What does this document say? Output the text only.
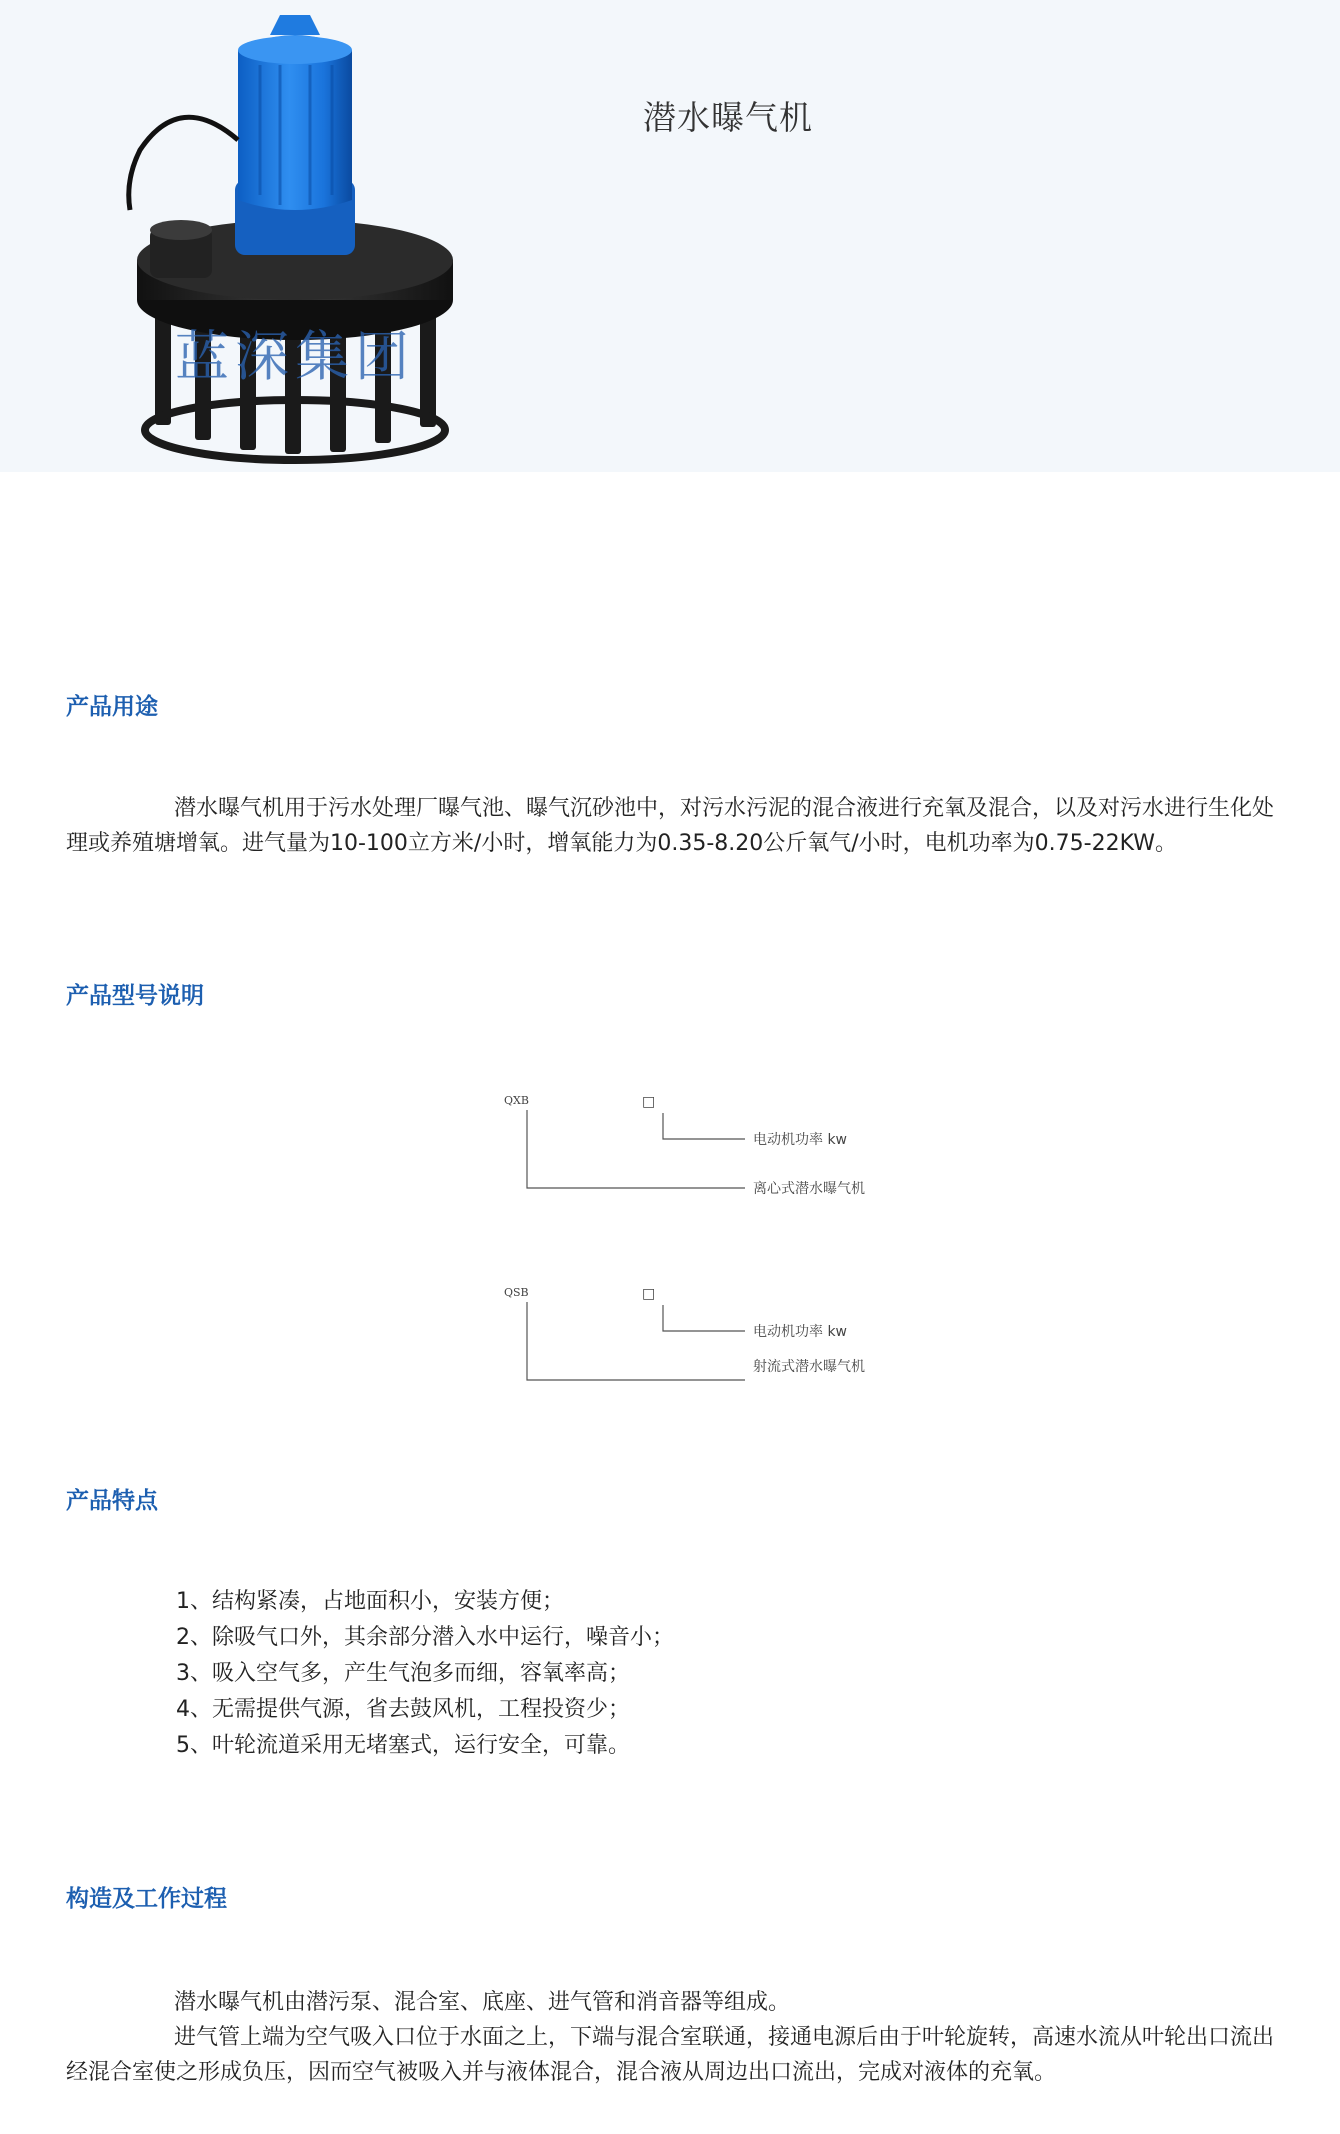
蓝深集团
潜水曝气机
产品用途

潜水曝气机用于污水处理厂曝气池、曝气沉砂池中，对污水污泥的混合液进行充氧及混合，以及对污水进行生化处理或养殖塘增氧。进气量为10-100立方米/小时，增氧能力为0.35-8.20公斤氧气/小时，电机功率为0.75-22KW。

产品型号说明
QXB	□
电动机功率 kw
离心式潜水曝气机
QSB	□
电动机功率 kw
射流式潜水曝气机
产品特点
1、结构紧凑，占地面积小，安装方便；
2、除吸气口外，其余部分潜入水中运行，噪音小；
3、吸入空气多，产生气泡多而细，容氧率高；
4、无需提供气源，省去鼓风机，工程投资少；
5、叶轮流道采用无堵塞式，运行安全，可靠。
构造及工作过程

潜水曝气机由潜污泵、混合室、底座、进气管和消音器等组成。

进气管上端为空气吸入口位于水面之上，下端与混合室联通，接通电源后由于叶轮旋转，高速水流从叶轮出口流出经混合室使之形成负压，因而空气被吸入并与液体混合，混合液从周边出口流出，完成对液体的充氧。
